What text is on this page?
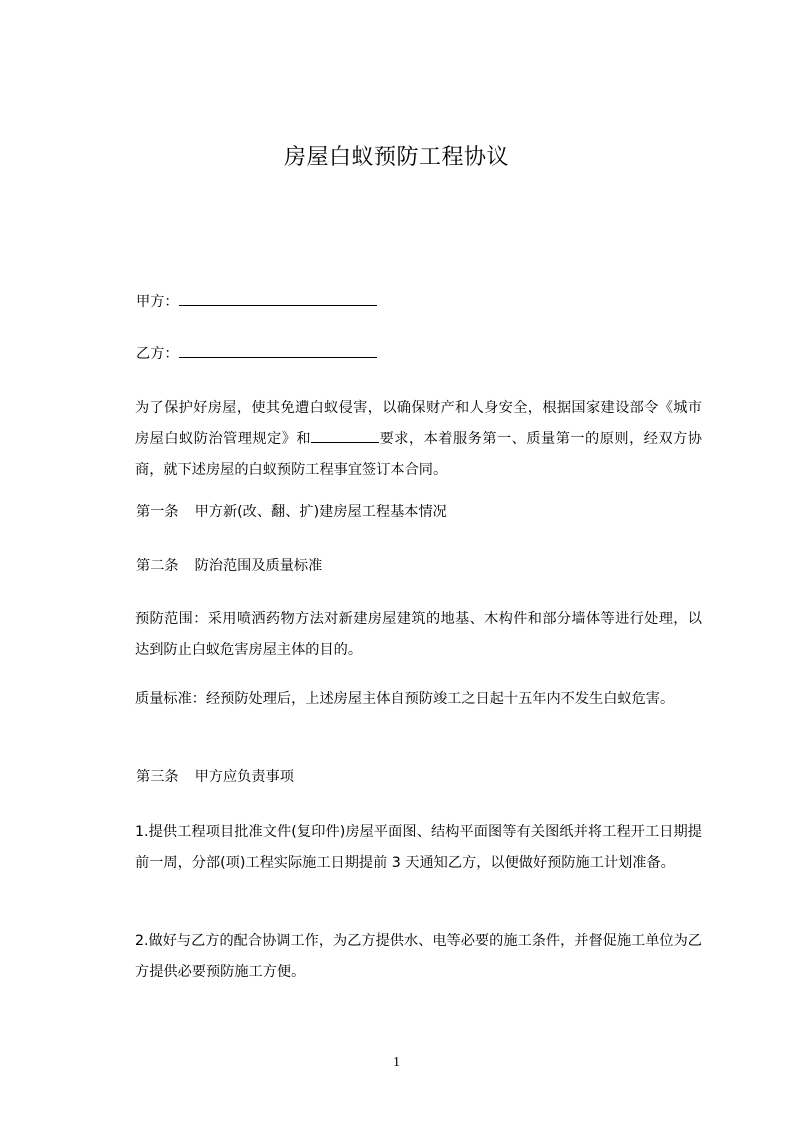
房屋白蚁预防工程协议
甲方：
乙方：
为了保护好房屋，使其免遭白蚁侵害，以确保财产和人身安全，根据国家建设部令《城市房屋白蚁防治管理规定》和	要求，本着服务第一、质量第一的原则，经双方协商，就下述房屋的白蚁预防工程事宜签订本合同。
第一条 甲方新(改、翻、扩)建房屋工程基本情况
第二条 防治范围及质量标准
预防范围：采用喷洒药物方法对新建房屋建筑的地基、木构件和部分墙体等进行处理，以达到防止白蚁危害房屋主体的目的。
质量标准：经预防处理后，上述房屋主体自预防竣工之日起十五年内不发生白蚁危害。
第三条 甲方应负责事项
1.提供工程项目批准文件(复印件)房屋平面图、结构平面图等有关图纸并将工程开工日期提前一周，分部(项)工程实际施工日期提前 3 天通知乙方，以便做好预防施工计划准备。
2.做好与乙方的配合协调工作，为乙方提供水、电等必要的施工条件，并督促施工单位为乙方提供必要预防施工方便。
1
